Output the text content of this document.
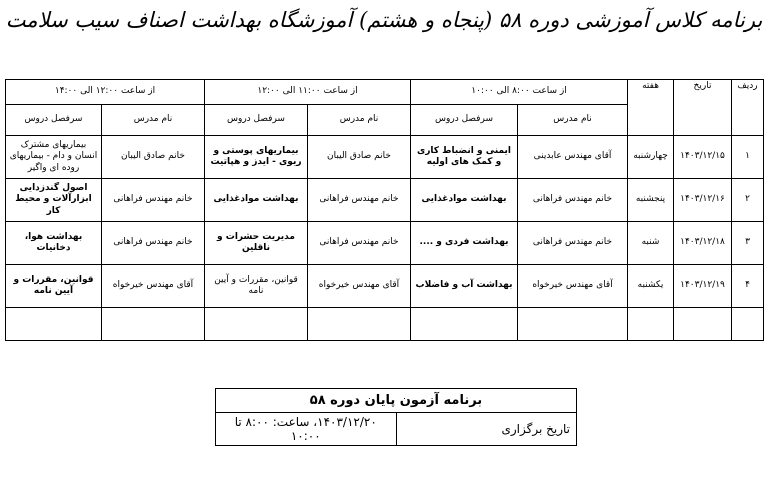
برنامه کلاس آموزشی دوره ۵۸ (پنجاه و هشتم) آموزشگاه بهداشت اصناف سیب سلامت
ردیف	تاریخ	هفته	از ساعت ۸:۰۰ الی ۱۰:۰۰		از ساعت ۱۱:۰۰ الی ۱۲:۰۰		از ساعت ۱۲:۰۰ الی ۱۴:۰۰	
			نام مدرس	سرفصل دروس	نام مدرس	سرفصل دروس	نام مدرس	سرفصل دروس
۱	۱۴۰۳/۱۲/۱۵	چهارشنبه	آقای مهندس عابدینی	ایمنی و انضباط کاری و کمک های اولیه	خانم صادق الیبان	بیماریهای پوستی و ریوی - ایدز و هپاتیت	خانم صادق الیبان	بیماریهای مشترک انسان و دام - بیماریهای روده ای واگیر
۲	۱۴۰۳/۱۲/۱۶	پنجشنبه	خانم مهندس فراهانی	بهداشت موادغذایی	خانم مهندس فراهانی	بهداشت موادغذایی	خانم مهندس فراهانی	اصول گندزدایی ابزارآلات و محیط کار
۳	۱۴۰۳/۱۲/۱۸	شنبه	خانم مهندس فراهانی	بهداشت فردی و ....	خانم مهندس فراهانی	مدیریت حشرات و ناقلین	خانم مهندس فراهانی	بهداشت هوا، دخانیات
۴	۱۴۰۳/۱۲/۱۹	یکشنبه	آقای مهندس خیرخواه	بهداشت آب و فاضلاب	آقای مهندس خیرخواه	قوانین، مقررات و آیین نامه	آقای مهندس خیرخواه	قوانین، مقررات و آیین نامه

برنامه آزمون پایان دوره ۵۸
تاریخ برگزاری	۱۴۰۳/۱۲/۲۰، ساعت: ۸:۰۰ تا ۱۰:۰۰
